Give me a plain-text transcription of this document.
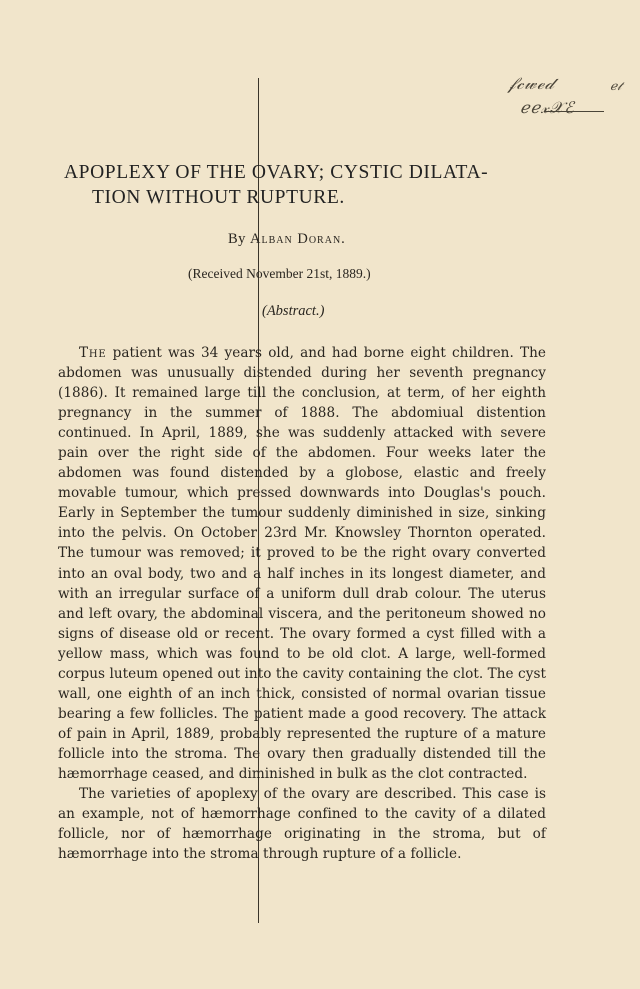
𝒻𝒸𝓌ℯ𝒹	ℯ𝓉
ℯℯ𝓍𝒳ℰ
APOPLEXY OF THE OVARY; CYSTIC DILATA-
TION WITHOUT RUPTURE.
By Alban Doran.
(Received November 21st, 1889.)
(Abstract.)

The patient was 34 years old, and had borne eight children. The abdomen was unusually distended during her seventh pregnancy (1886). It remained large till the conclusion, at term, of her eighth pregnancy in the summer of 1888. The abdomiual distention continued. In April, 1889, she was suddenly attacked with severe pain over the right side of the abdomen. Four weeks later the abdomen was found distended by a globose, elastic and freely movable tumour, which pressed downwards into Douglas's pouch. Early in September the tumour suddenly diminished in size, sinking into the pelvis. On October 23rd Mr. Knowsley Thornton operated. The tumour was removed; it proved to be the right ovary converted into an oval body, two and a half inches in its longest diameter, and with an irregular surface of a uniform dull drab colour. The uterus and left ovary, the abdominal viscera, and the peritoneum showed no signs of disease old or recent. The ovary formed a cyst filled with a yellow mass, which was found to be old clot. A large, well-formed corpus luteum opened out into the cavity containing the clot. The cyst wall, one eighth of an inch thick, consisted of normal ovarian tissue bearing a few follicles. The patient made a good recovery. The attack of pain in April, 1889, probably represented the rupture of a mature follicle into the stroma. The ovary then gradually distended till the hæmorrhage ceased, and diminished in bulk as the clot contracted.

The varieties of apoplexy of the ovary are described. This case is an example, not of hæmorrhage confined to the cavity of a dilated follicle, nor of hæmorrhage originating in the stroma, but of hæmorrhage into the stroma through rupture of a follicle.
